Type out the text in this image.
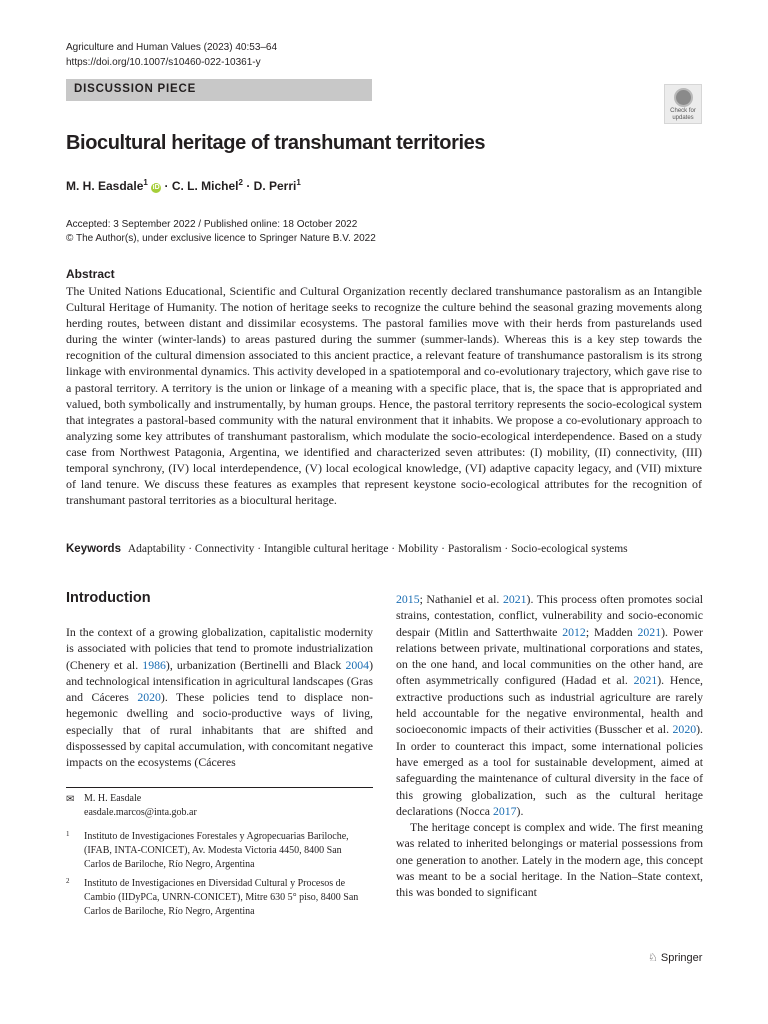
Agriculture and Human Values (2023) 40:53–64
https://doi.org/10.1007/s10460-022-10361-y
DISCUSSION PIECE
Check for
updates
Biocultural heritage of transhumant territories
M. H. Easdale$^1$ iD · C. L. Michel$^2$ · D. Perri$^1$
Accepted: 3 September 2022 / Published online: 18 October 2022
© The Author(s), under exclusive licence to Springer Nature B.V. 2022
Abstract
The United Nations Educational, Scientific and Cultural Organization recently declared transhumance pastoralism as an Intangible Cultural Heritage of Humanity. The notion of heritage seeks to recognize the culture behind the seasonal grazing movements along herding routes, between distant and dissimilar ecosystems. The pastoral families move with their herds from pasturelands used during the winter (winter-lands) to areas pastured during the summer (summer-lands). Whereas this is a key step towards the recognition of the cultural dimension associated to this ancient practice, a relevant feature of transhumance pastoralism is its strong linkage with environmental dynamics. This activity developed in a spatiotemporal and co-evolutionary trajectory, which gave rise to a pastoral territory. A territory is the union or linkage of a meaning with a specific place, that is, the space that is appropriated and valued, both symbolically and instrumentally, by human groups. Hence, the pastoral territory represents the socio-ecological system that integrates a pastoral-based community with the natural environment that it inhabits. We propose a co-evolutionary approach to analyzing some key attributes of transhumant pastoralism, which modulate the socio-ecological interdependence. Based on a study case from Northwest Patagonia, Argentina, we identified and characterized seven attributes: (I) mobility, (II) connectivity, (III) temporal synchrony, (IV) local interdependence, (V) local ecological knowledge, (VI) adaptive capacity legacy, and (VII) mixture of land tenure. We discuss these features as examples that represent keystone socio-ecological attributes for the recognition of transhumant pastoral territories as a biocultural heritage.
Keywords Adaptability · Connectivity · Intangible cultural heritage · Mobility · Pastoralism · Socio-ecological systems
Introduction
In the context of a growing globalization, capitalistic modernity is associated with policies that tend to promote industrialization (Chenery et al. 1986), urbanization (Bertinelli and Black 2004) and technological intensification in agricultural landscapes (Gras and Cáceres 2020). These policies tend to displace non-hegemonic dwelling and socio-productive ways of living, especially that of rural inhabitants that are shifted and dispossessed by capital accumulation, with concomitant negative impacts on the ecosystems (Cáceres
2015; Nathaniel et al. 2021). This process often promotes social strains, contestation, conflict, vulnerability and socio-economic despair (Mitlin and Satterthwaite 2012; Madden 2021). Power relations between private, multinational corporations and states, on the one hand, and local communities on the other hand, are often asymmetrically configured (Hadad et al. 2021). Hence, extractive productions such as industrial agriculture are rarely held accountable for the negative environmental, health and socioeconomic impacts of their activities (Busscher et al. 2020). In order to counteract this impact, some international policies have emerged as a tool for sustainable development, aimed at safeguarding the maintenance of cultural diversity in the face of this growing globalization, such as the cultural heritage declarations (Nocca 2017).
The heritage concept is complex and wide. The first meaning was related to inherited belongings or material possessions from one generation to another. Lately in the modern age, this concept was meant to be a social heritage. In the Nation–State context, this was bonded to significant
✉ M. H. Easdale
easdale.marcos@inta.gob.ar
1 Instituto de Investigaciones Forestales y Agropecuarias Bariloche, (IFAB, INTA-CONICET), Av. Modesta Victoria 4450, 8400 San Carlos de Bariloche, Río Negro, Argentina
2 Instituto de Investigaciones en Diversidad Cultural y Procesos de Cambio (IIDyPCa, UNRN-CONICET), Mitre 630 5° piso, 8400 San Carlos de Bariloche, Río Negro, Argentina
♘ Springer
